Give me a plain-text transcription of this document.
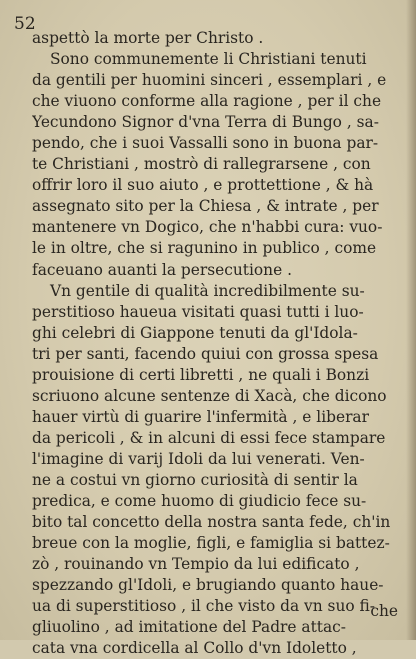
52
aspettò la morte per Christo .
Sono communemente li Christiani tenuti
da gentili per huomini sinceri , essemplari , e
che viuono conforme alla ragione , per il che
Yecundono Signor d'vna Terra di Bungo , sa-
pendo, che i suoi Vassalli sono in buona par-
te Christiani , mostrò di rallegrarsene , con
offrir loro il suo aiuto , e prottettione , & hà
assegnato sito per la Chiesa , & intrate , per
mantenere vn Dogico, che n'habbi cura: vuo-
le in oltre, che si ragunino in publico , come
faceuano auanti la persecutione .
Vn gentile di qualità incredibilmente su-
perstitioso haueua visitati quasi tutti i luo-
ghi celebri di Giappone tenuti da gl'Idola-
tri per santi, facendo quiui con grossa spesa
prouisione di certi libretti , ne quali i Bonzi
scriuono alcune sentenze di Xacà, che dicono
hauer virtù di guarire l'infermità , e liberar
da pericoli , & in alcuni di essi fece stampare
l'imagine di varij Idoli da lui venerati. Ven-
ne a costui vn giorno curiosità di sentir la
predica, e come huomo di giudicio fece su-
bito tal concetto della nostra santa fede, ch'in
breue con la moglie, figli, e famiglia si battez-
zò , rouinando vn Tempio da lui edificato ,
spezzando gl'Idoli, e brugiando quanto haue-
ua di superstitioso , il che visto da vn suo fi-
gliuolino , ad imitatione del Padre attac-
cata vna cordicella al Collo d'vn Idoletto ,
che
